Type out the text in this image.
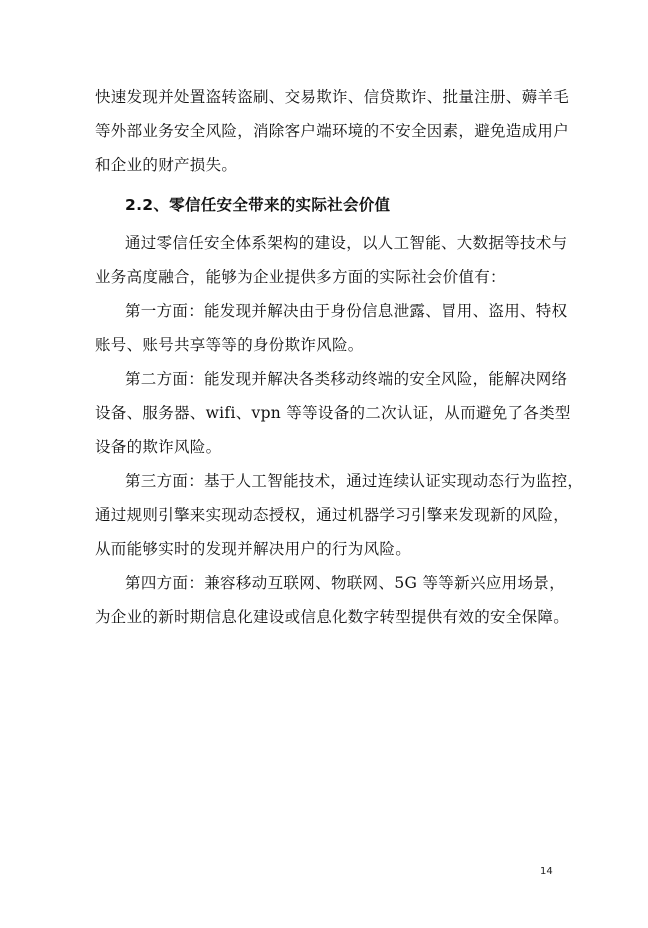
快速发现并处置盗转盗刷、交易欺诈、信贷欺诈、批量注册、薅羊毛
等外部业务安全风险，消除客户端环境的不安全因素，避免造成用户
和企业的财产损失。
2.2、零信任安全带来的实际社会价值
通过零信任安全体系架构的建设，以人工智能、大数据等技术与
业务高度融合，能够为企业提供多方面的实际社会价值有：
第一方面：能发现并解决由于身份信息泄露、冒用、盗用、特权
账号、账号共享等等的身份欺诈风险。
第二方面：能发现并解决各类移动终端的安全风险，能解决网络
设备、服务器、wifi、vpn 等等设备的二次认证，从而避免了各类型
设备的欺诈风险。
第三方面：基于人工智能技术，通过连续认证实现动态行为监控，
通过规则引擎来实现动态授权，通过机器学习引擎来发现新的风险，
从而能够实时的发现并解决用户的行为风险。
第四方面：兼容移动互联网、物联网、5G 等等新兴应用场景，
为企业的新时期信息化建设或信息化数字转型提供有效的安全保障。
14
